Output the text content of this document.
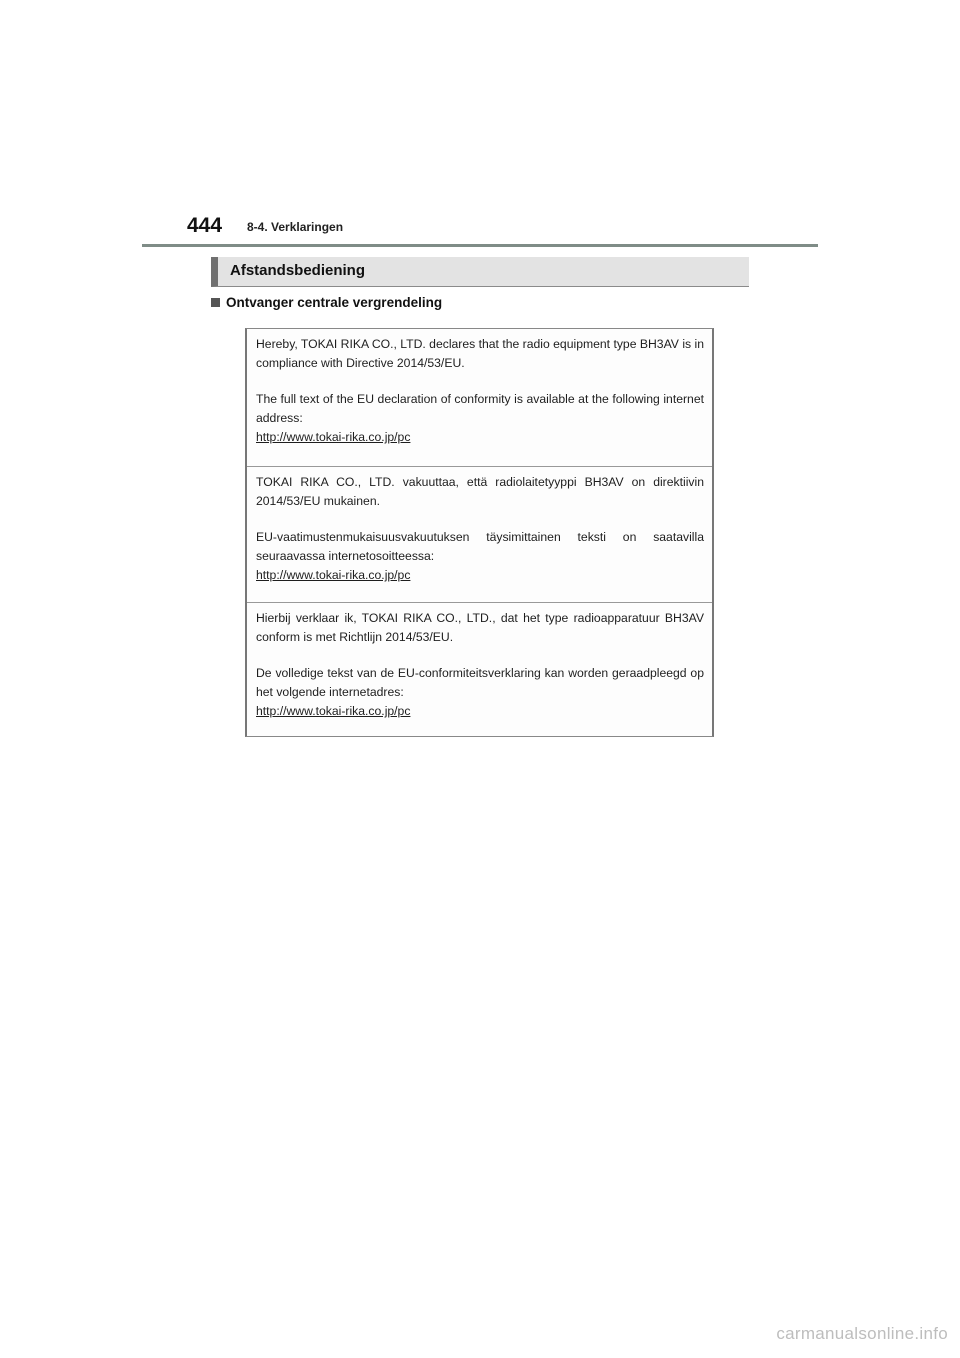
444 8-4. Verklaringen
Afstandsbediening
Ontvanger centrale vergrendeling

Hereby, TOKAI RIKA CO., LTD. declares that the radio equipment type BH3AV is in compliance with Directive 2014/53/EU.

The full text of the EU declaration of conformity is available at the following internet address:

http://www.tokai-rika.co.jp/pc

TOKAI RIKA CO., LTD. vakuuttaa, että radiolaitetyyppi BH3AV on direktiivin 2014/53/EU mukainen.

EU-vaatimustenmukaisuusvakuutuksen täysimittainen teksti on saatavilla seuraavassa internetosoitteessa:

http://www.tokai-rika.co.jp/pc

Hierbij verklaar ik, TOKAI RIKA CO., LTD., dat het type radioapparatuur BH3AV conform is met Richtlijn 2014/53/EU.

De volledige tekst van de EU-conformiteitsverklaring kan worden geraadpleegd op het volgende internetadres:

http://www.tokai-rika.co.jp/pc

carmanualsonline.info
